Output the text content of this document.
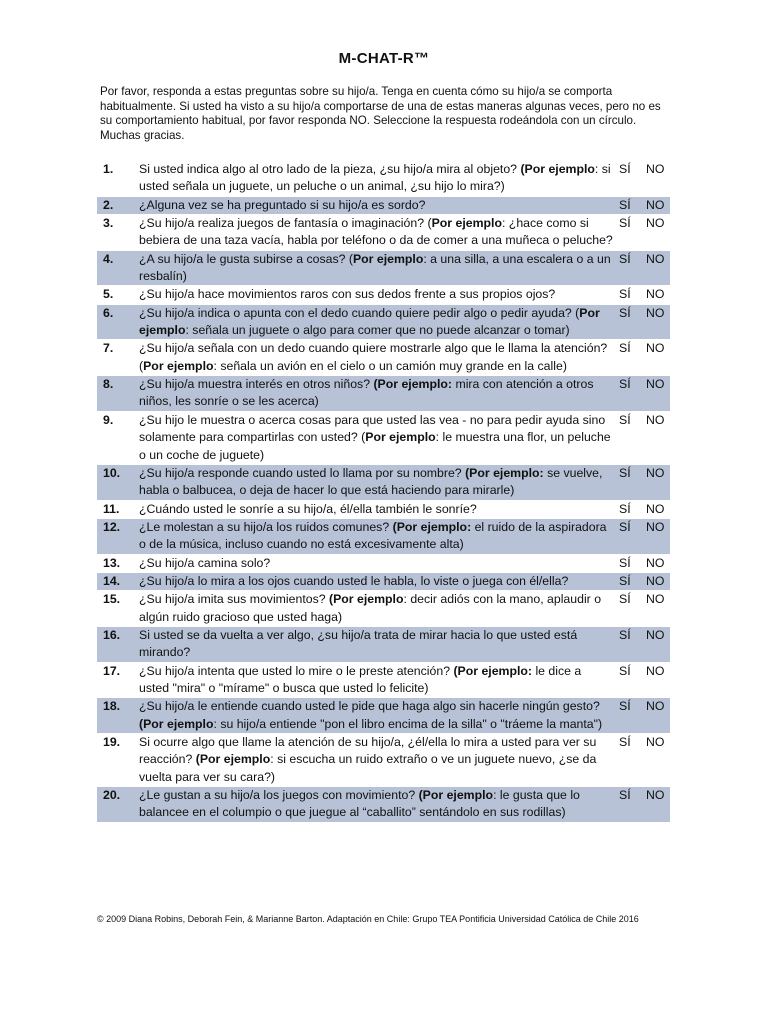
M-CHAT-R™
Por favor, responda a estas preguntas sobre su hijo/a. Tenga en cuenta cómo su hijo/a se comporta habitualmente. Si usted ha visto a su hijo/a comportarse de una de estas maneras algunas veces, pero no es su comportamiento habitual, por favor responda NO. Seleccione la respuesta rodeándola con un círculo. Muchas gracias.
1.	Si usted indica algo al otro lado de la pieza, ¿su hijo/a mira al objeto? (Por ejemplo: si usted señala un juguete, un peluche o un animal, ¿su hijo lo mira?)	SÍ	NO
2.	¿Alguna vez se ha preguntado si su hijo/a es sordo?	SÍ	NO
3.	¿Su hijo/a realiza juegos de fantasía o imaginación? (Por ejemplo: ¿hace como si bebiera de una taza vacía, habla por teléfono o da de comer a una muñeca o peluche?	SÍ	NO
4.	¿A su hijo/a le gusta subirse a cosas? (Por ejemplo: a una silla, a una escalera o a un resbalín)	SÍ	NO
5.	¿Su hijo/a hace movimientos raros con sus dedos frente a sus propios ojos?	SÍ	NO
6.	¿Su hijo/a indica o apunta con el dedo cuando quiere pedir algo o pedir ayuda? (Por ejemplo: señala un juguete o algo para comer que no puede alcanzar o tomar)	SÍ	NO
7.	¿Su hijo/a señala con un dedo cuando quiere mostrarle algo que le llama la atención? (Por ejemplo: señala un avión en el cielo o un camión muy grande en la calle)	SÍ	NO
8.	¿Su hijo/a muestra interés en otros niños? (Por ejemplo: mira con atención a otros niños, les sonríe o se les acerca)	SÍ	NO
9.	¿Su hijo le muestra o acerca cosas para que usted las vea - no para pedir ayuda sino solamente para compartirlas con usted? (Por ejemplo: le muestra una flor, un peluche o un coche de juguete)	SÍ	NO
10.	¿Su hijo/a responde cuando usted lo llama por su nombre? (Por ejemplo: se vuelve, habla o balbucea, o deja de hacer lo que está haciendo para mirarle)	SÍ	NO
11.	¿Cuándo usted le sonríe a su hijo/a, él/ella también le sonríe?	SÍ	NO
12.	¿Le molestan a su hijo/a los ruidos comunes? (Por ejemplo: el ruido de la aspiradora o de la música, incluso cuando no está excesivamente alta)	SÍ	NO
13.	¿Su hijo/a camina solo?	SÍ	NO
14.	¿Su hijo/a lo mira a los ojos cuando usted le habla, lo viste o juega con él/ella?	SÍ	NO
15.	¿Su hijo/a imita sus movimientos? (Por ejemplo: decir adiós con la mano, aplaudir o algún ruido gracioso que usted haga)	SÍ	NO
16.	Si usted se da vuelta a ver algo, ¿su hijo/a trata de mirar hacia lo que usted está mirando?	SÍ	NO
17.	¿Su hijo/a intenta que usted lo mire o le preste atención? (Por ejemplo: le dice a usted "mira" o "mírame" o busca que usted lo felicite)	SÍ	NO
18.	¿Su hijo/a le entiende cuando usted le pide que haga algo sin hacerle ningún gesto? (Por ejemplo: su hijo/a entiende "pon el libro encima de la silla" o "tráeme la manta")	SÍ	NO
19.	Si ocurre algo que llame la atención de su hijo/a, ¿él/ella lo mira a usted para ver su reacción? (Por ejemplo: si escucha un ruido extraño o ve un juguete nuevo, ¿se da vuelta para ver su cara?)	SÍ	NO
20.	¿Le gustan a su hijo/a los juegos con movimiento? (Por ejemplo: le gusta que lo balancee en el columpio o que juegue al “caballito” sentándolo en sus rodillas)	SÍ	NO
© 2009 Diana Robins, Deborah Fein, & Marianne Barton. Adaptación en Chile: Grupo TEA Pontificia Universidad Católica de Chile 2016
